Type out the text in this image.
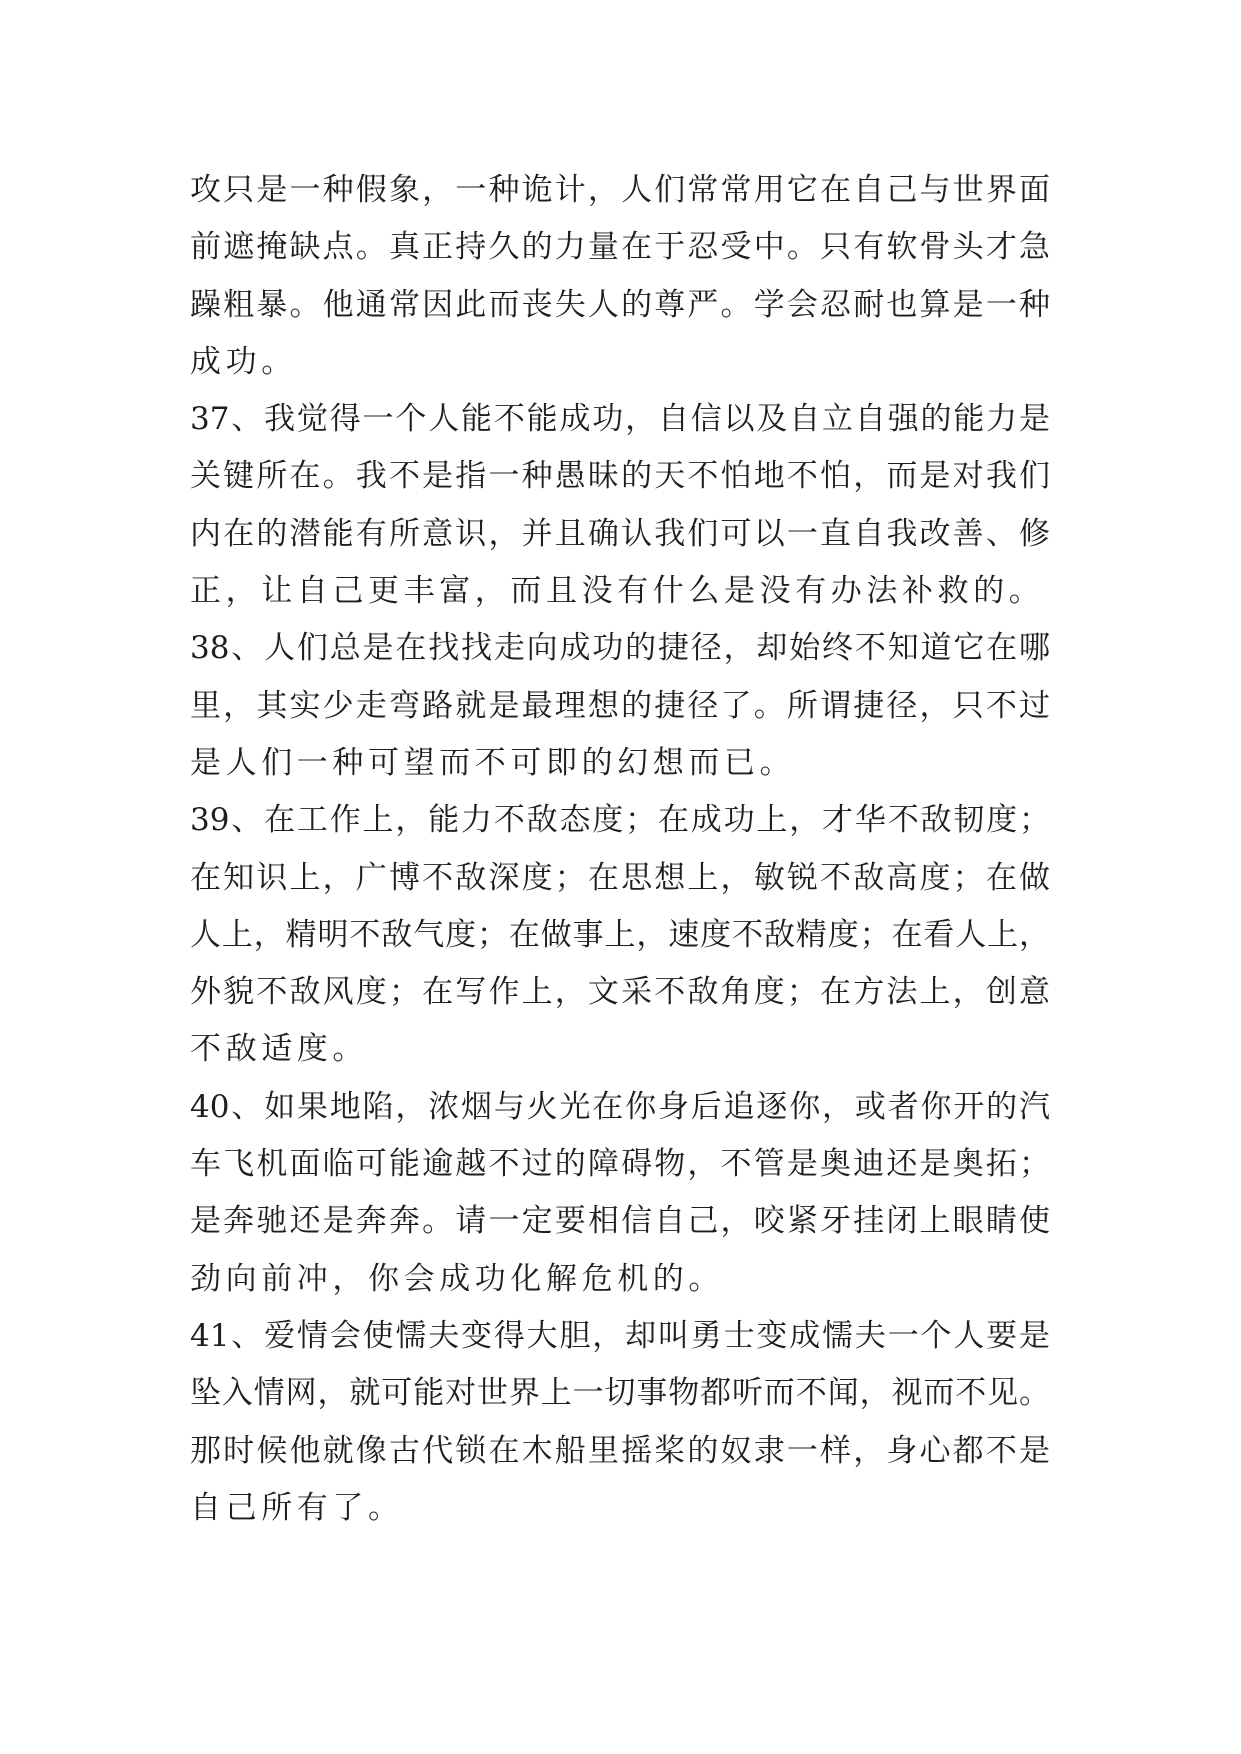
攻只是一种假象，一种诡计，人们常常用它在自己与世界面
前遮掩缺点。真正持久的力量在于忍受中。只有软骨头才急
躁粗暴。他通常因此而丧失人的尊严。学会忍耐也算是一种
成功。
37、我觉得一个人能不能成功，自信以及自立自强的能力是
关键所在。我不是指一种愚昧的天不怕地不怕，而是对我们
内在的潜能有所意识，并且确认我们可以一直自我改善、修
正，让自己更丰富，而且没有什么是没有办法补救的。
38、人们总是在找找走向成功的捷径，却始终不知道它在哪
里，其实少走弯路就是最理想的捷径了。所谓捷径，只不过
是人们一种可望而不可即的幻想而已。
39、在工作上，能力不敌态度；在成功上，才华不敌韧度；
在知识上，广博不敌深度；在思想上，敏锐不敌高度；在做
人上，精明不敌气度；在做事上，速度不敌精度；在看人上，
外貌不敌风度；在写作上，文采不敌角度；在方法上，创意
不敌适度。
40、如果地陷，浓烟与火光在你身后追逐你，或者你开的汽
车飞机面临可能逾越不过的障碍物，不管是奥迪还是奥拓；
是奔驰还是奔奔。请一定要相信自己，咬紧牙挂闭上眼睛使
劲向前冲，你会成功化解危机的。
41、爱情会使懦夫变得大胆，却叫勇士变成懦夫一个人要是
坠入情网，就可能对世界上一切事物都听而不闻，视而不见。
那时候他就像古代锁在木船里摇桨的奴隶一样，身心都不是
自己所有了。
